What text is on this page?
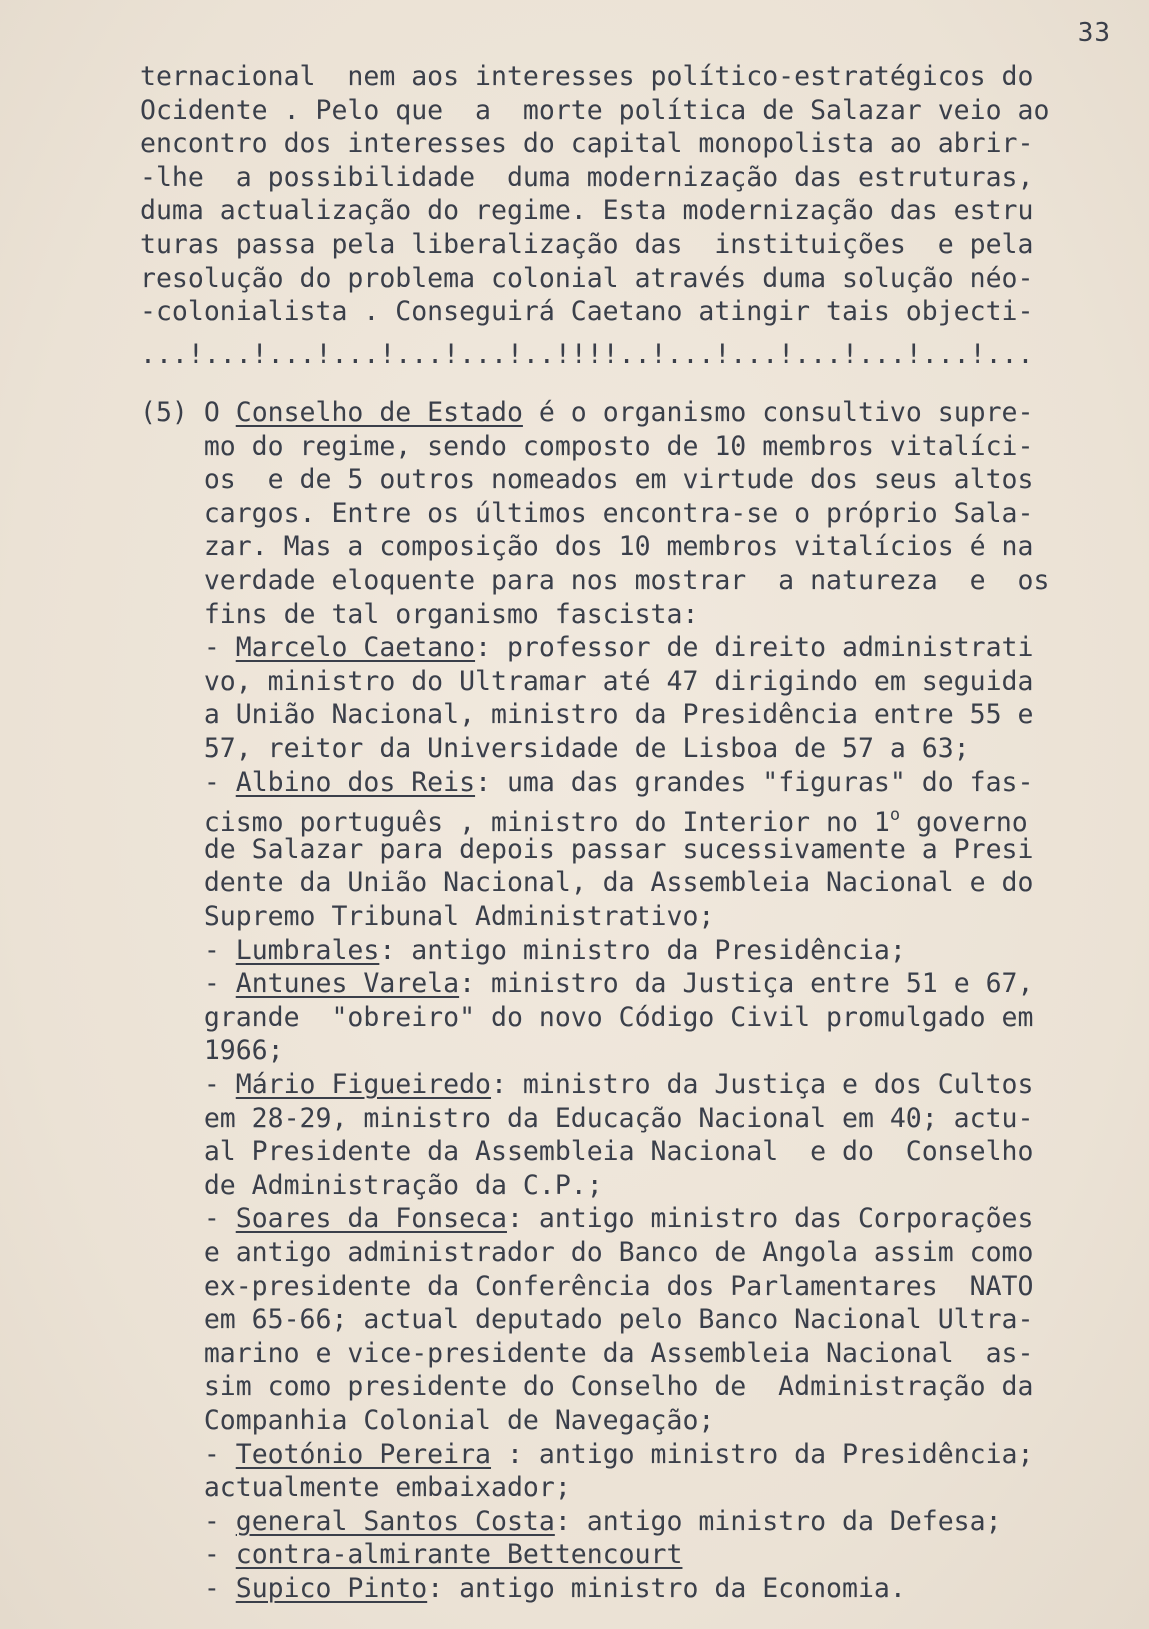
33
ternacional  nem aos interesses político-estratégicos do
Ocidente . Pelo que  a  morte política de Salazar veio ao
encontro dos interesses do capital monopolista ao abrir-
-lhe  a possibilidade  duma modernização das estruturas,
duma actualização do regime. Esta modernização das estru
turas passa pela liberalização das  instituições  e pela
resolução do problema colonial através duma solução néo-
-colonialista . Conseguirá Caetano atingir tais objecti-
...!...!...!...!...!...!..!!!!..!...!...!...!...!...!...
(5) O Conselho de Estado é o organismo consultivo supre-
mo do regime, sendo composto de 10 membros vitalíci-
os  e de 5 outros nomeados em virtude dos seus altos
cargos. Entre os últimos encontra-se o próprio Sala-
zar. Mas a composição dos 10 membros vitalícios é na
verdade eloquente para nos mostrar  a natureza  e  os
fins de tal organismo fascista:
- Marcelo Caetano: professor de direito administrati
vo, ministro do Ultramar até 47 dirigindo em seguida
a União Nacional, ministro da Presidência entre 55 e
57, reitor da Universidade de Lisboa de 57 a 63;
- Albino dos Reis: uma das grandes "figuras" do fas-
cismo português , ministro do Interior no 1$^o$ governo
de Salazar para depois passar sucessivamente a Presi
dente da União Nacional, da Assembleia Nacional e do
Supremo Tribunal Administrativo;
- Lumbrales: antigo ministro da Presidência;
- Antunes Varela: ministro da Justiça entre 51 e 67,
grande  "obreiro" do novo Código Civil promulgado em
1966;
- Mário Figueiredo: ministro da Justiça e dos Cultos
em 28-29, ministro da Educação Nacional em 40; actu-
al Presidente da Assembleia Nacional  e do  Conselho
de Administração da C.P.;
- Soares da Fonseca: antigo ministro das Corporações
e antigo administrador do Banco de Angola assim como
ex-presidente da Conferência dos Parlamentares  NATO
em 65-66; actual deputado pelo Banco Nacional Ultra-
marino e vice-presidente da Assembleia Nacional  as-
sim como presidente do Conselho de  Administração da
Companhia Colonial de Navegação;
- Teotónio Pereira : antigo ministro da Presidência;
actualmente embaixador;
- general Santos Costa: antigo ministro da Defesa;
- contra-almirante Bettencourt
- Supico Pinto: antigo ministro da Economia.
